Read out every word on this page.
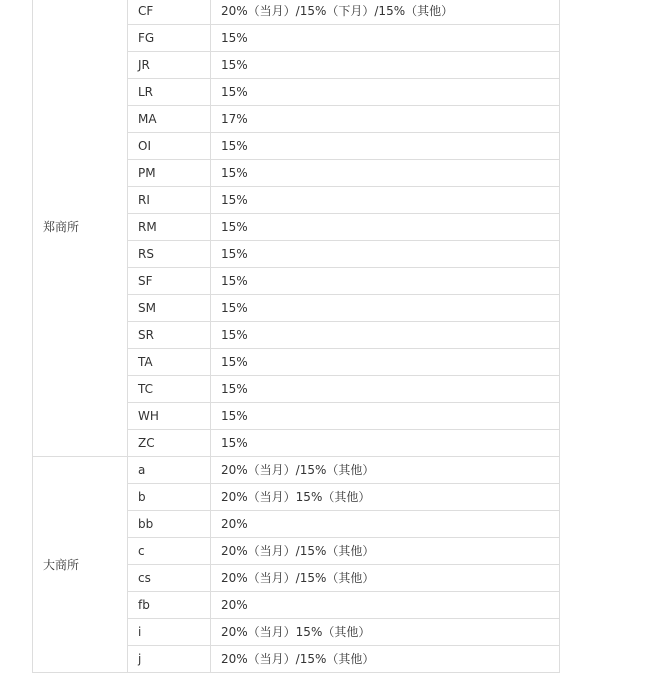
郑商所	CF	20%（当月）/15%（下月）/15%（其他）
	FG	15%
	JR	15%
	LR	15%
	MA	17%
	OI	15%
	PM	15%
	RI	15%
	RM	15%
	RS	15%
	SF	15%
	SM	15%
	SR	15%
	TA	15%
	TC	15%
	WH	15%
	ZC	15%
大商所	a	20%（当月）/15%（其他）
	b	20%（当月）15%（其他）
	bb	20%
	c	20%（当月）/15%（其他）
	cs	20%（当月）/15%（其他）
	fb	20%
	i	20%（当月）15%（其他）
	j	20%（当月）/15%（其他）
